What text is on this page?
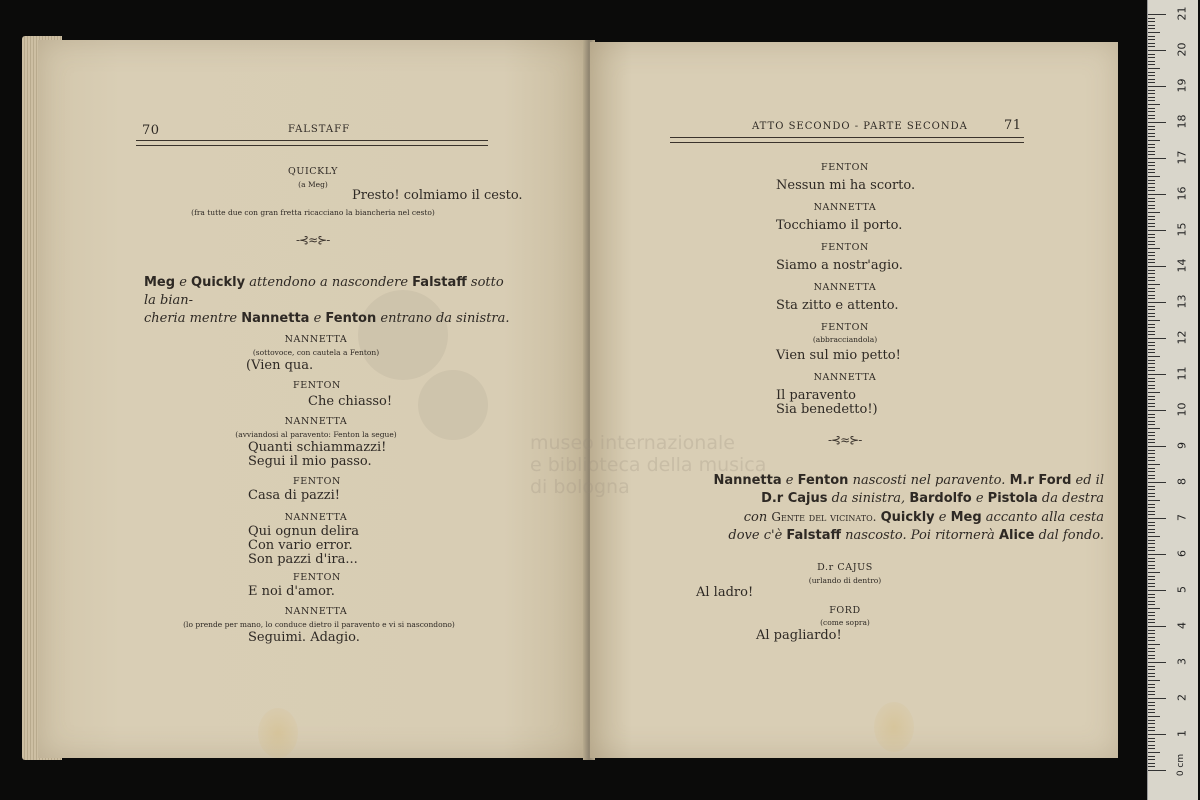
70	FALSTAFF
QUICKLY
(a Meg)
Presto! colmiamo il cesto.
(fra tutte due con gran fretta ricacciano la biancheria nel cesto)
-⊰≈⊱-
Meg e Quickly attendono a nascondere Falstaff sotto la bian-
cheria mentre Nannetta e Fenton entrano da sinistra.
NANNETTA
(sottovoce, con cautela a Fenton)
(Vien qua.
FENTON
Che chiasso!
NANNETTA
(avviandosi al paravento: Fenton la segue)
Quanti schiammazzi!
Segui il mio passo.
FENTON
Casa di pazzi!
NANNETTA
Qui ognun delira
Con vario error.
Son pazzi d'ira...
FENTON
E noi d'amor.
NANNETTA
(lo prende per mano, lo conduce dietro il paravento e vi si nascondono)
Seguimi. Adagio.
museo internazionale
e biblioteca della musica
di bologna
ATTO SECONDO - PARTE SECONDA	71
FENTON
Nessun mi ha scorto.
NANNETTA
Tocchiamo il porto.
FENTON
Siamo a nostr'agio.
NANNETTA
Sta zitto e attento.
FENTON
(abbracciandola)
Vien sul mio petto!
NANNETTA
Il paravento
Sia benedetto!)
-⊰≈⊱-
Nannetta e Fenton nascosti nel paravento. M.r Ford ed il
D.r Cajus da sinistra, Bardolfo e Pistola da destra
con Gente del vicinato. Quickly e Meg accanto alla cesta
dove c'è Falstaff nascosto. Poi ritornerà Alice dal fondo.
D.r CAJUS
(urlando di dentro)
Al ladro!
FORD
(come sopra)
Al pagliardo!
0 cm
1
2
3
4
5
6
7
8
9
10
11
12
13
14
15
16
17
18
19
20
21
